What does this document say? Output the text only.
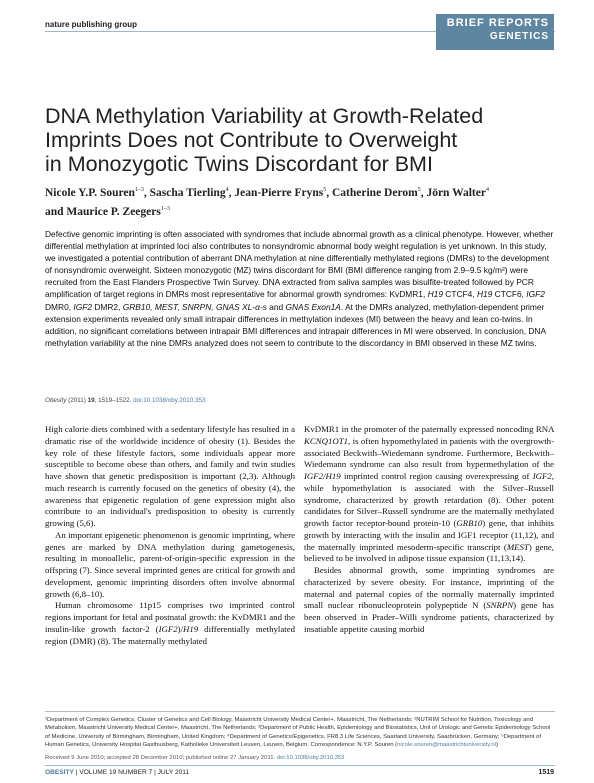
nature publishing group	BRIEF REPORTS
GENETICS
DNA Methylation Variability at Growth-Related
Imprints Does not Contribute to Overweight
in Monozygotic Twins Discordant for BMI
Nicole Y.P. Souren$^{1-3}$, Sascha Tierling$^4$, Jean-Pierre Fryns$^5$, Catherine Derom$^5$, Jörn Walter$^4$
and Maurice P. Zeegers$^{1-3}$
Defective genomic imprinting is often associated with syndromes that include abnormal growth as a clinical phenotype. However, whether differential methylation at imprinted loci also contributes to nonsyndromic abnormal body weight regulation is yet unknown. In this study, we investigated a potential contribution of aberrant DNA methylation at nine differentially methylated regions (DMRs) to the development of nonsyndromic overweight. Sixteen monozygotic (MZ) twins discordant for BMI (BMI difference ranging from 2.9–9.5 kg/m²) were recruited from the East Flanders Prospective Twin Survey. DNA extracted from saliva samples was bisulfite-treated followed by PCR amplification of target regions in DMRs most representative for abnormal growth syndromes: KvDMR1, H19 CTCF4, H19 CTCF6, IGF2 DMR0, IGF2 DMR2, GRB10, MEST, SNRPN, GNAS XL-α-s and GNAS Exon1A. At the DMRs analyzed, methylation-dependent primer extension experiments revealed only small intrapair differences in methylation indexes (MI) between the heavy and lean co-twins. In addition, no significant correlations between intrapair BMI differences and intrapair differences in MI were observed. In conclusion, DNA methylation variability at the nine DMRs analyzed does not seem to contribute to the discordancy in BMI observed in these MZ twins.
Obesity (2011) 19, 1519–1522. doi:10.1038/oby.2010.353

High calorie diets combined with a sedentary lifestyle has resulted in a dramatic rise of the worldwide incidence of obesity (1). Besides the key role of these lifestyle factors, some individuals appear more susceptible to become obese than others, and family and twin studies have shown that genetic predisposition is important (2,3). Although much research is currently focused on the genetics of obesity (4), the awareness that epigenetic regulation of gene expression might also contribute to an individual's predisposition to obesity is currently growing (5,6).

An important epigenetic phenomenon is genomic imprinting, where genes are marked by DNA methylation during gametogenesis, resulting in monoallelic, parent-of-origin-specific expression in the offspring (7). Since several imprinted genes are critical for growth and development, genomic imprinting disorders often involve abnormal growth (6,8–10).

Human chromosome 11p15 comprises two imprinted control regions important for fetal and postnatal growth: the KvDMR1 and the insulin-like growth factor-2 (IGF2)/H19 differentially methylated region (DMR) (8). The maternally methylated

KvDMR1 in the promoter of the paternally expressed noncoding RNA KCNQ1OT1, is often hypomethylated in patients with the overgrowth-associated Beckwith–Wiedemann syndrome. Furthermore, Beckwith–Wiedemann syndrome can also result from hypermethylation of the IGF2/H19 imprinted control region causing overexpressing of IGF2, while hypomethylation is associated with the Silver–Russell syndrome, characterized by growth retardation (8). Other potent candidates for Silver–Russell syndrome are the maternally methylated growth factor receptor-bound protein-10 (GRB10) gene, that inhibits growth by interacting with the insulin and IGF1 receptor (11,12), and the maternally imprinted mesoderm-specific transcript (MEST) gene, believed to be involved in adipose tissue expansion (11,13,14).

Besides abnormal growth, some imprinting syndromes are characterized by severe obesity. For instance, imprinting of the maternal and paternal copies of the normally maternally imprinted small nuclear ribonucleoprotein polypeptide N (SNRPN) gene has been observed in Prader–Willi syndrome patients, characterized by insatiable appetite causing morbid

¹Department of Complex Genetics, Cluster of Genetics and Cell Biology, Maastricht University Medical Center+, Maastricht, The Netherlands; ²NUTRIM School for Nutrition, Toxicology and Metabolism, Maastricht University Medical Center+, Maastricht, The Netherlands; ³Department of Public Health, Epidemiology and Biostatistics, Unit of Urologic and Genetic Epidemiology School of Medicine, University of Birmingham, Birmingham, United Kingdom; ⁴Department of Genetics/Epigenetics, FR8.3 Life Sciences, Saarland University, Saarbrücken, Germany; ⁵Department of Human Genetics, University Hospital Gasthuisberg, Katholieke Universiteit Leuven, Leuven, Belgium. Correspondence: N.Y.P. Souren (nicole.souren@maastrichtuniversity.nl)
Received 9 June 2010; accepted 28 December 2010; published online 27 January 2011. doi:10.1038/oby.2010.353
OBESITY | VOLUME 19 NUMBER 7 | JULY 2011	1519
